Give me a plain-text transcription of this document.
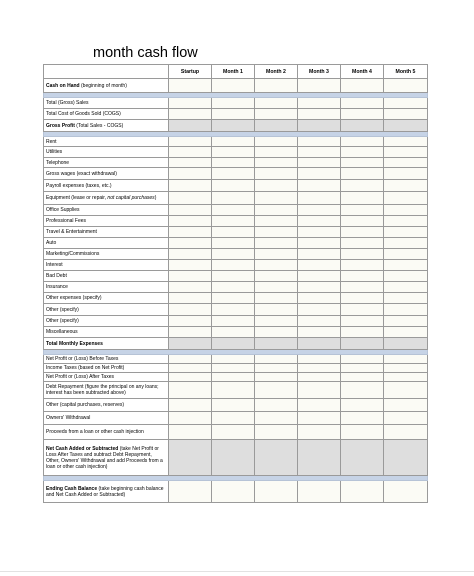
month cash flow
	Startup	Month 1	Month 2	Month 3	Month 4	Month 5
Cash on Hand (beginning of month)						

Total (Gross) Sales						
Total Cost of Goods Sold (COGS)						
Gross Profit (Total Sales - COGS)						

Rent						
Utilities						
Telephone						
Gross wages (exact withdrawal)						
Payroll expenses (taxes, etc.)						
Equipment (lease or repair, not capital purchases)						
Office Supplies						
Professional Fees						
Travel & Entertainment						
Auto						
Marketing/Commissions						
Interest						
Bad Debt						
Insurance						
Other expenses (specify)						
Other (specify)						
Other (specify)						
Miscellaneous						
Total Monthly Expenses						

Net Profit or (Loss) Before Taxes						
Income Taxes (based on Net Profit)						
Net Profit or (Loss) After Taxes						
Debt Repayment (figure the principal on any loans; interest has been subtracted above)						
Other (capital purchases, reserves)						
Owners' Withdrawal						
Proceeds from a loan or other cash injection						
Net Cash Added or Subtracted (take Net Profit or Loss After Taxes and subtract Debt Repayment, Other, Owners' Withdrawal and add Proceeds from a loan or other cash injection)						

Ending Cash Balance (take beginning cash balance and Net Cash Added or Subtracted)						
